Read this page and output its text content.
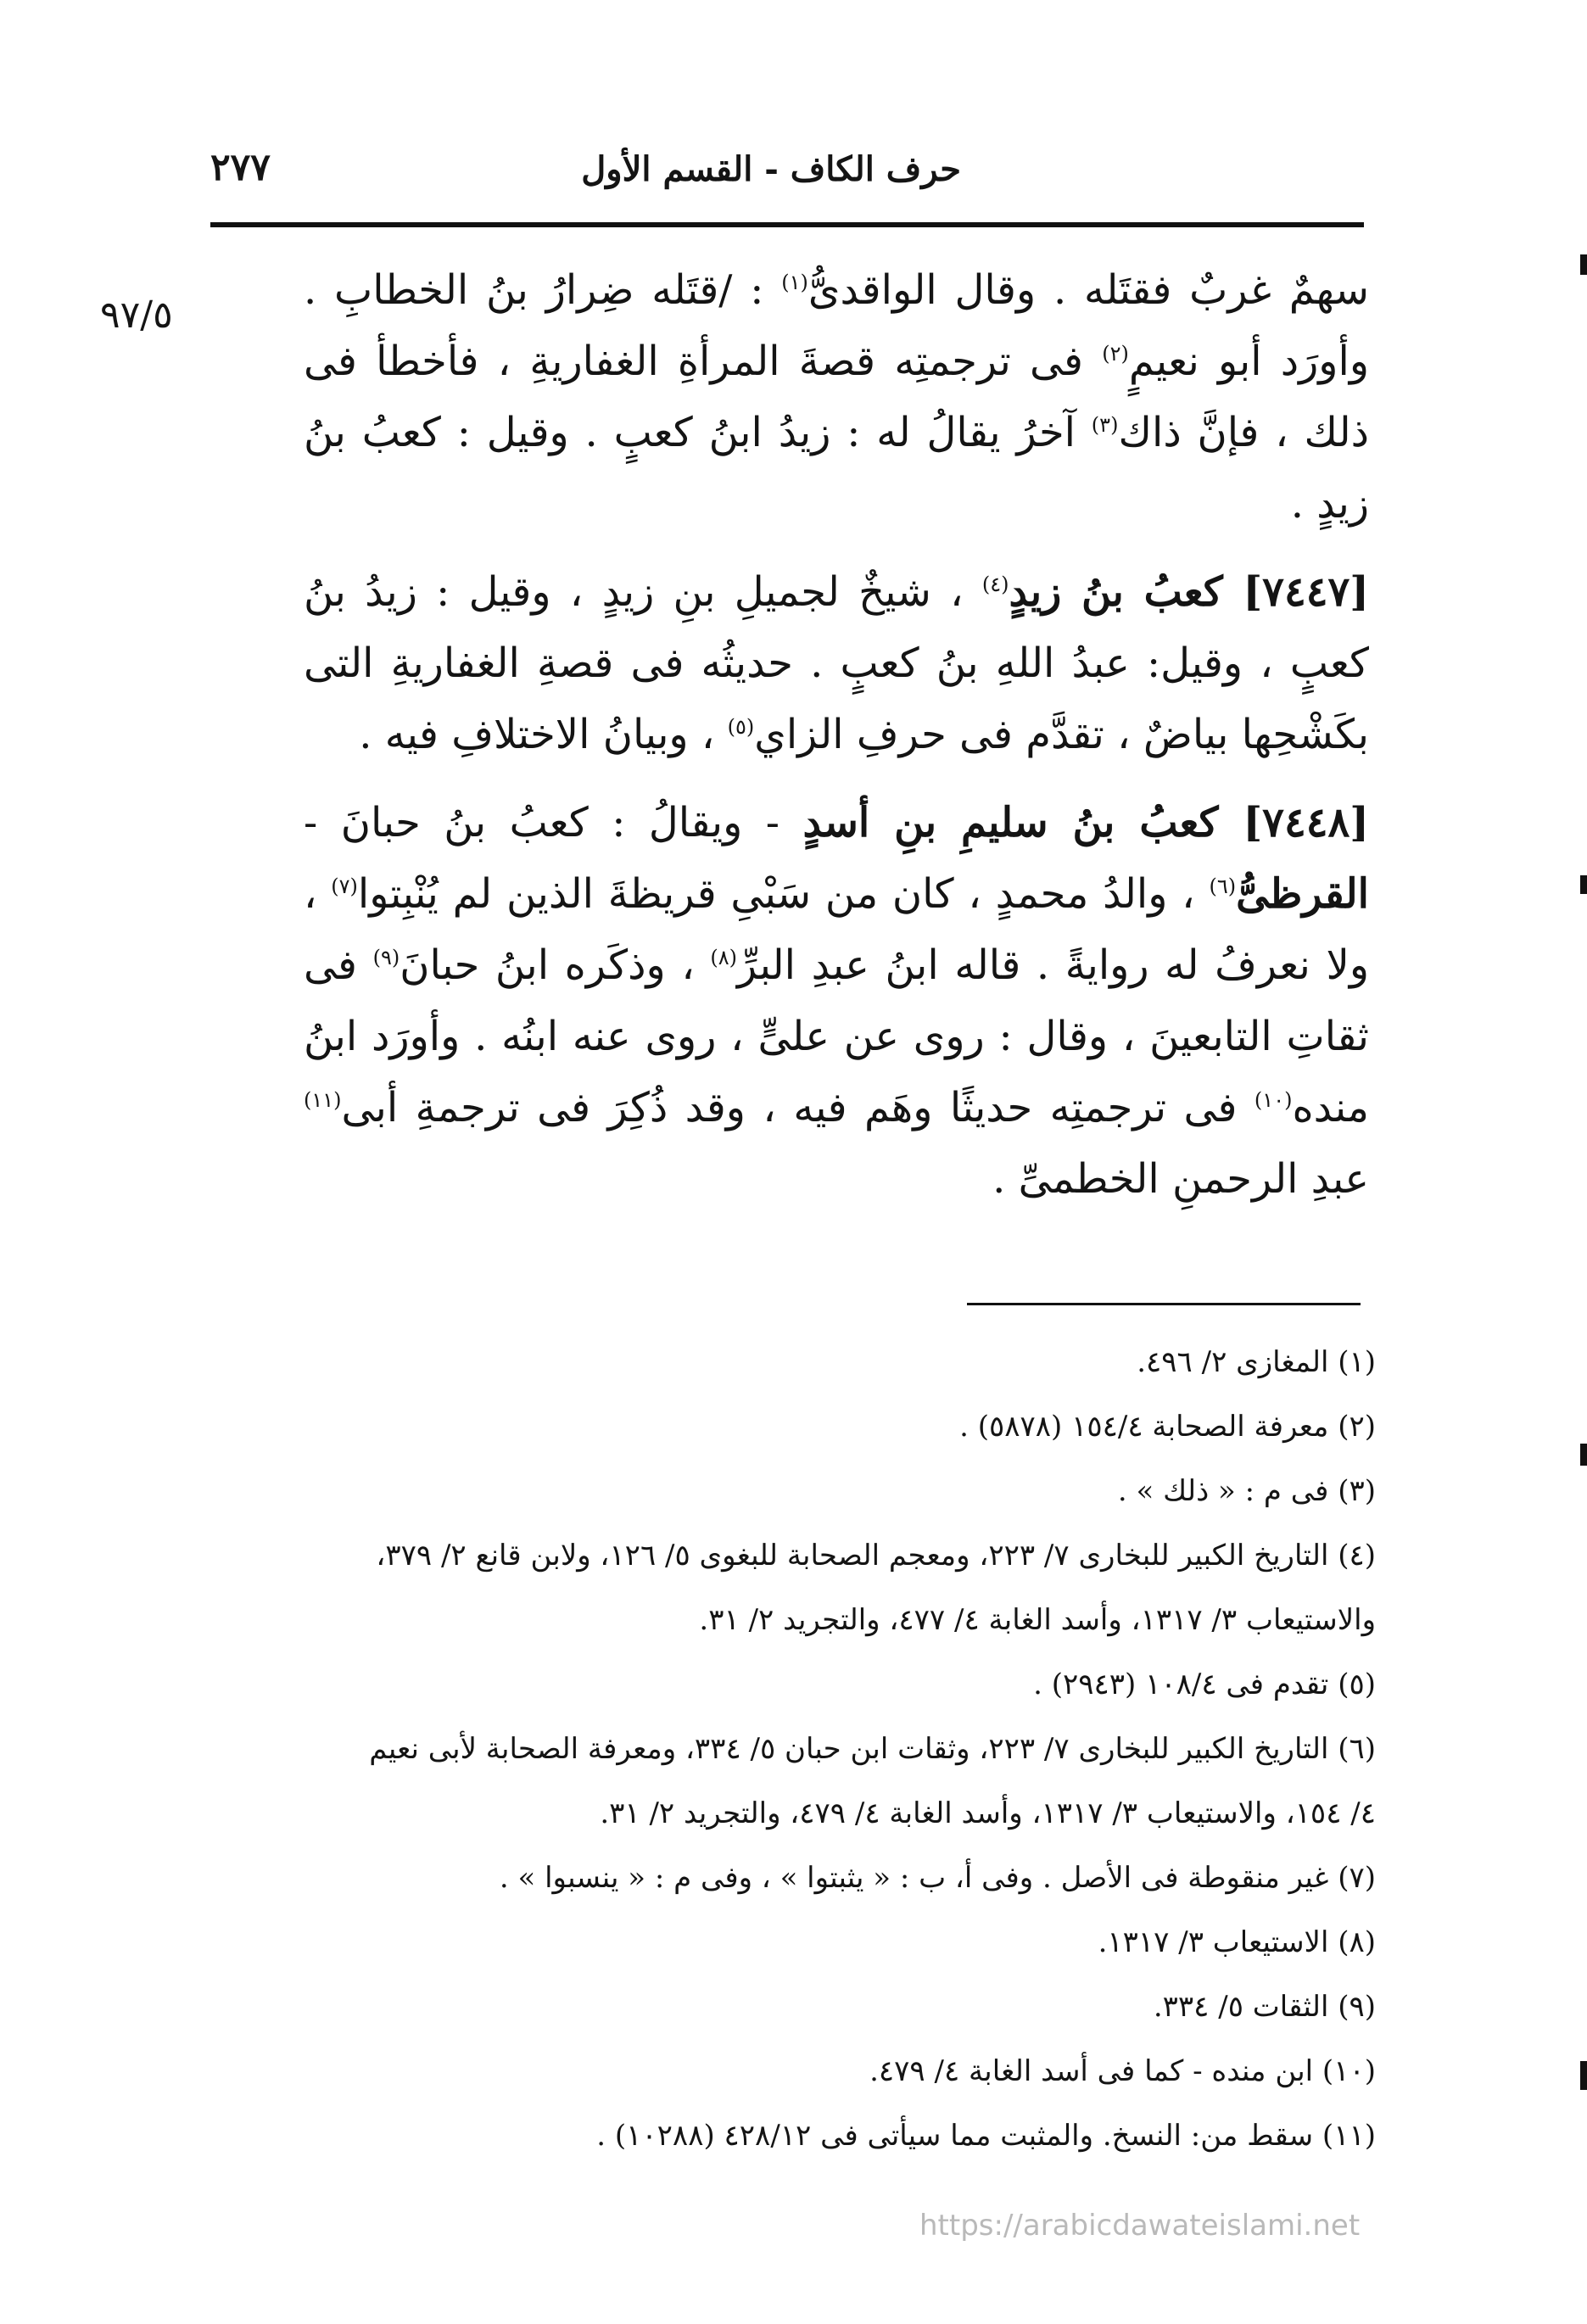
٢٧٧	حرف الكاف - القسم الأول
٩٧/٥

سهمٌ غربٌ فقتَله . وقال الواقدىُّ$^{(١)}$ : /قتَله ضِرارُ بنُ الخطابِ . وأورَد أبو نعيمٍ$^{(٢)}$ فى ترجمتِه قصةَ المرأةِ الغفاريةِ ، فأخطأ فى ذلك ، فإنَّ ذاك$^{(٣)}$ آخرُ يقالُ له : زيدُ ابنُ كعبٍ . وقيل : كعبُ بنُ زيدٍ .

[٧٤٤٧] كعبُ بنُ زيدٍ$^{(٤)}$ ، شيخٌ لجميلِ بنِ زيدٍ ، وقيل : زيدُ بنُ كعبٍ ، وقيل: عبدُ اللهِ بنُ كعبٍ . حديثُه فى قصةِ الغفاريةِ التى بكَشْحِها بياضٌ ، تقدَّم فى حرفِ الزاي$^{(٥)}$ ، وبيانُ الاختلافِ فيه .

[٧٤٤٨] كعبُ بنُ سليمِ بنِ أسدٍ - ويقالُ : كعبُ بنُ حبانَ - القرظىُّ$^{(٦)}$ ، والدُ محمدٍ ، كان من سَبْىِ قريظةَ الذين لم يُنْبِتوا$^{(٧)}$ ، ولا نعرفُ له روايةً . قاله ابنُ عبدِ البرِّ$^{(٨)}$ ، وذكَره ابنُ حبانَ$^{(٩)}$ فى ثقاتِ التابعينَ ، وقال : روى عن علىٍّ ، روى عنه ابنُه . وأورَد ابنُ منده$^{(١٠)}$ فى ترجمتِه حديثًا وهَم فيه ، وقد ذُكِرَ فى ترجمةِ أبى$^{(١١)}$ عبدِ الرحمنِ الخطمىِّ .

(١) المغازى ٢/ ٤٩٦.

(٢) معرفة الصحابة ١٥٤/٤ (٥٨٧٨) .

(٣) فى م : « ذلك » .

(٤) التاريخ الكبير للبخارى ٧/ ٢٢٣، ومعجم الصحابة للبغوى ٥/ ١٢٦، ولابن قانع ٢/ ٣٧٩،

والاستيعاب ٣/ ١٣١٧، وأسد الغابة ٤/ ٤٧٧، والتجريد ٢/ ٣١.

(٥) تقدم فى ١٠٨/٤ (٢٩٤٣) .

(٦) التاريخ الكبير للبخارى ٧/ ٢٢٣، وثقات ابن حبان ٥/ ٣٣٤، ومعرفة الصحابة لأبى نعيم

٤/ ١٥٤، والاستيعاب ٣/ ١٣١٧، وأسد الغابة ٤/ ٤٧٩، والتجريد ٢/ ٣١.

(٧) غير منقوطة فى الأصل . وفى أ، ب : « يثبتوا » ، وفى م : « ينسبوا » .

(٨) الاستيعاب ٣/ ١٣١٧.

(٩) الثقات ٥/ ٣٣٤.

(١٠) ابن منده - كما فى أسد الغابة ٤/ ٤٧٩.

(١١) سقط من: النسخ. والمثبت مما سيأتى فى ٤٢٨/١٢ (١٠٢٨٨) .

https://arabicdawateislami.net
